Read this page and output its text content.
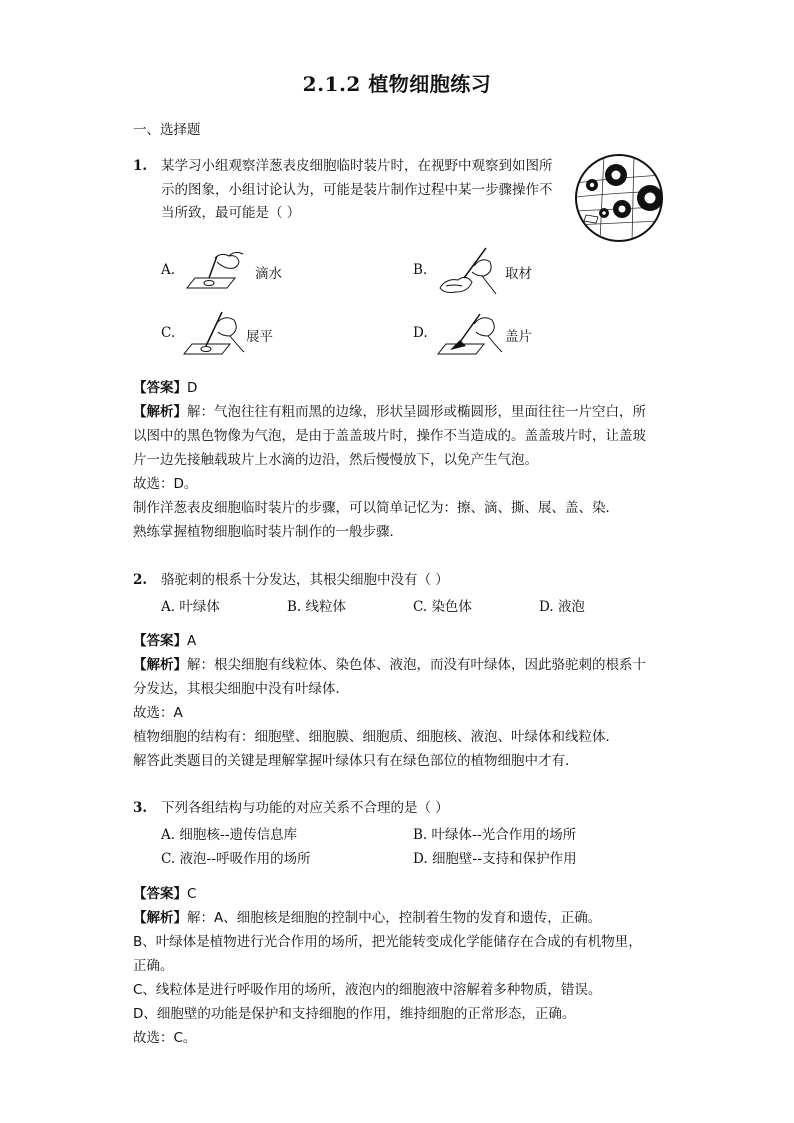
2.1.2 植物细胞练习
一、选择题
1. 某学习小组观察洋葱表皮细胞临时装片时，在视野中观察到如图所
示的图象，小组讨论认为，可能是装片制作过程中某一步骤操作不
当所致，最可能是（ ）
A.	滴水	B.	取材
C.	展平	D.	盖片
【答案】D
【解析】解：气泡往往有粗而黑的边缘，形状呈圆形或椭圆形，里面往往一片空白，所
以图中的黑色物像为气泡，是由于盖盖玻片时，操作不当造成的。盖盖玻片时，让盖玻
片一边先接触载玻片上水滴的边沿，然后慢慢放下，以免产生气泡。
故选：D。
制作洋葱表皮细胞临时装片的步骤，可以简单记忆为：擦、滴、撕、展、盖、染．
熟练掌握植物细胞临时装片制作的一般步骤．
2. 骆驼刺的根系十分发达，其根尖细胞中没有（ ）
A. 叶绿体	B. 线粒体	C. 染色体	D. 液泡
【答案】A
【解析】解：根尖细胞有线粒体、染色体、液泡，而没有叶绿体，因此骆驼刺的根系十
分发达，其根尖细胞中没有叶绿体．
故选：A
植物细胞的结构有：细胞壁、细胞膜、细胞质、细胞核、液泡、叶绿体和线粒体．
解答此类题目的关键是理解掌握叶绿体只有在绿色部位的植物细胞中才有．
3. 下列各组结构与功能的对应关系不合理的是（ ）
A. 细胞核--遗传信息库	B. 叶绿体--光合作用的场所
C. 液泡--呼吸作用的场所	D. 细胞壁--支持和保护作用
【答案】C
【解析】解：A、细胞核是细胞的控制中心，控制着生物的发育和遗传，正确。
B、叶绿体是植物进行光合作用的场所，把光能转变成化学能储存在合成的有机物里，
正确。
C、线粒体是进行呼吸作用的场所，液泡内的细胞液中溶解着多种物质，错误。
D、细胞壁的功能是保护和支持细胞的作用，维持细胞的正常形态，正确。
故选：C。
